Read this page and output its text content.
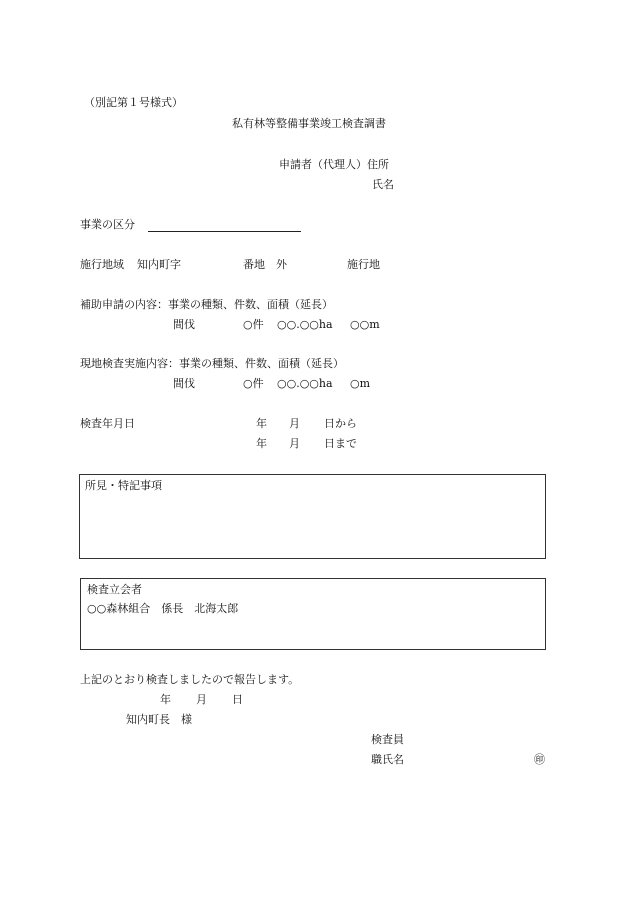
（別記第１号様式）
私有林等整備事業竣工検査調書
申請者（代理人）住所
氏名
事業の区分
施行地域 知内町字	番地　外	施行地
補助申請の内容：事業の種類、件数、面積（延長）
間伐	○件 ○○.○○ha ○○m
現地検査実施内容：事業の種類、件数、面積（延長）
間伐	○件 ○○.○○ha ○m
検査年月日	年 月 日から
年 月 日まで
所見・特記事項
検査立会者
○○森林組合　係長　北海太郎
上記のとおり検査しましたので報告します。
年 月 日
知内町長　様
検査員
職氏名	㊞
